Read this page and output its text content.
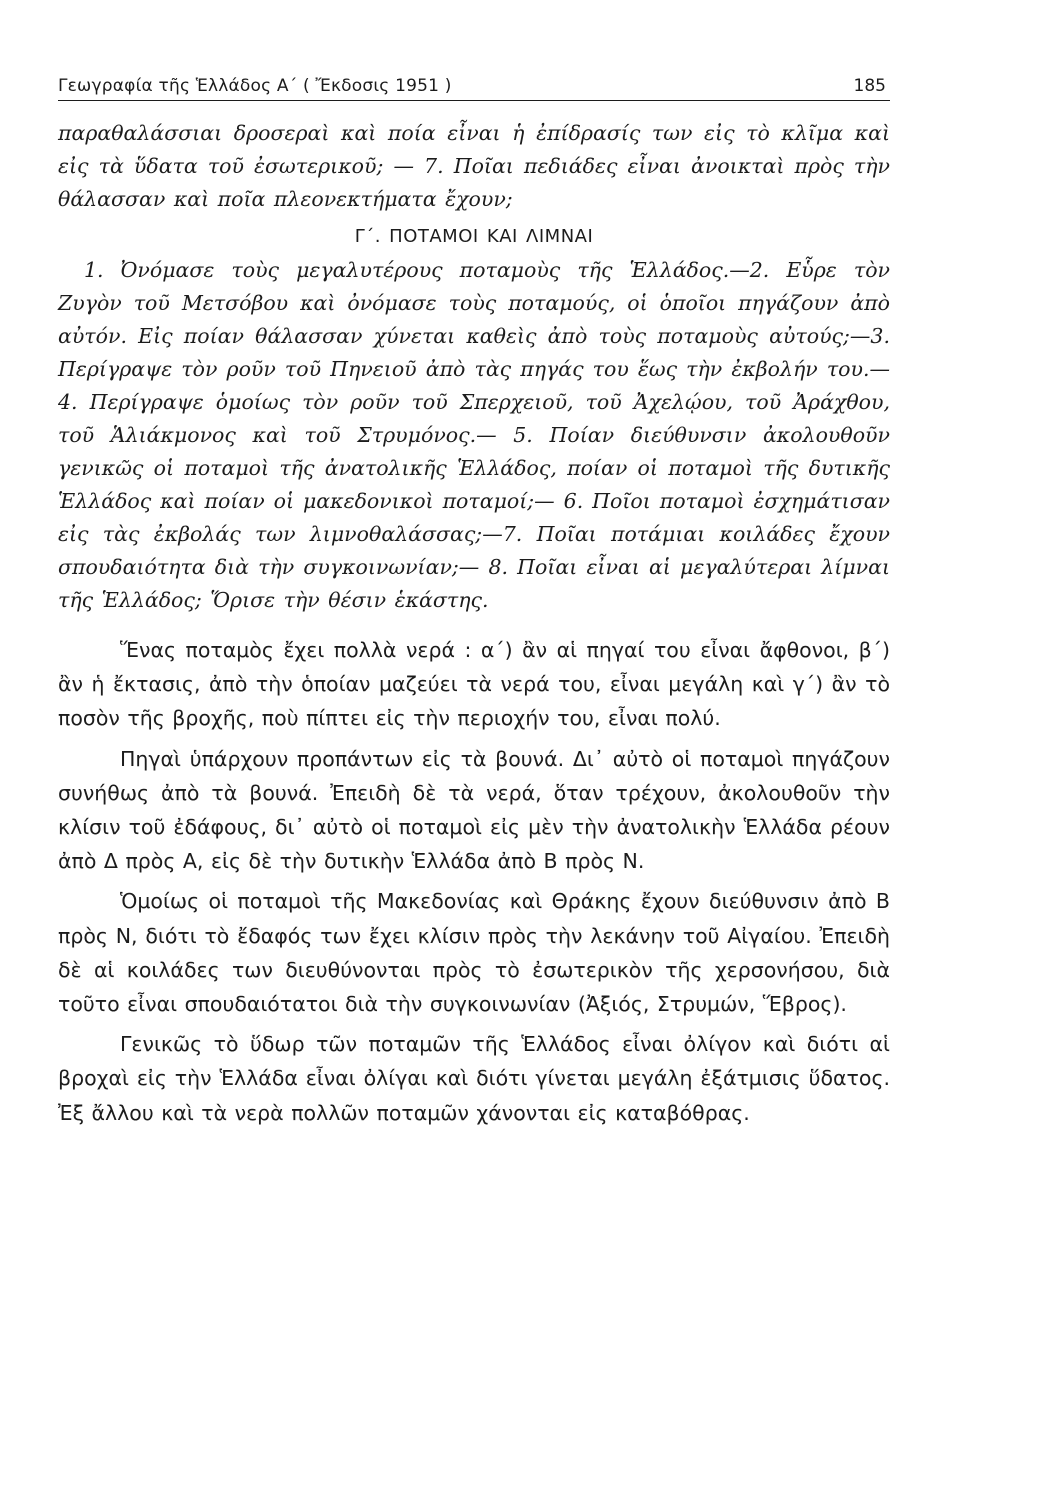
Γεωγραφία τῆς Ἑλλάδος Α΄ ( Ἔκδοσις 1951 )	185

παραθαλάσσιαι δροσεραὶ καὶ ποία εἶναι ἡ ἐπίδρασίς των εἰς τὸ κλῖμα καὶ εἰς τὰ ὕδατα τοῦ ἐσωτερικοῦ; — 7. Ποῖαι πεδιάδες εἶναι ἀνοικταὶ πρὸς τὴν θάλασσαν καὶ ποῖα πλεονεκτήματα ἔχουν;

Γ΄. ΠΟΤΑΜΟΙ ΚΑΙ ΛΙΜΝΑΙ

1. Ὀνόμασε τοὺς μεγαλυτέρους ποταμοὺς τῆς Ἑλλάδος.—2. Εὗρε τὸν Ζυγὸν τοῦ Μετσόβου καὶ ὀνόμασε τοὺς ποταμούς, οἱ ὁποῖοι πηγάζουν ἀπὸ αὐτόν. Εἰς ποίαν θάλασσαν χύνεται καθεὶς ἀπὸ τοὺς ποταμοὺς αὐτούς;—3. Περίγραψε τὸν ροῦν τοῦ Πηνειοῦ ἀπὸ τὰς πηγάς του ἕως τὴν ἐκβολήν του.—4. Περίγραψε ὁμοίως τὸν ροῦν τοῦ Σπερχειοῦ, τοῦ Ἀχελῴου, τοῦ Ἀράχθου, τοῦ Ἁλιάκμονος καὶ τοῦ Στρυμόνος.— 5. Ποίαν διεύθυνσιν ἀκολουθοῦν γενικῶς οἱ ποταμοὶ τῆς ἀνατολικῆς Ἑλλάδος, ποίαν οἱ ποταμοὶ τῆς δυτικῆς Ἑλλάδος καὶ ποίαν οἱ μακεδονικοὶ ποταμοί;— 6. Ποῖοι ποταμοὶ ἐσχημάτισαν εἰς τὰς ἐκβολάς των λιμνοθαλάσσας;—7. Ποῖαι ποτάμιαι κοιλάδες ἔχουν σπουδαιότητα διὰ τὴν συγκοινωνίαν;— 8. Ποῖαι εἶναι αἱ μεγαλύτεραι λίμναι τῆς Ἑλλάδος; Ὅρισε τὴν θέσιν ἑκάστης.

Ἕνας ποταμὸς ἔχει πολλὰ νερά : α΄) ἂν αἱ πηγαί του εἶναι ἄφθονοι, β΄) ἂν ἡ ἔκτασις, ἀπὸ τὴν ὁποίαν μαζεύει τὰ νερά του, εἶναι μεγάλη καὶ γ΄) ἂν τὸ ποσὸν τῆς βροχῆς, ποὺ πίπτει εἰς τὴν περιοχήν του, εἶναι πολύ.

Πηγαὶ ὑπάρχουν προπάντων εἰς τὰ βουνά. Δι᾽ αὐτὸ οἱ ποταμοὶ πηγάζουν συνήθως ἀπὸ τὰ βουνά. Ἐπειδὴ δὲ τὰ νερά, ὅταν τρέχουν, ἀκολουθοῦν τὴν κλίσιν τοῦ ἐδάφους, δι᾽ αὐτὸ οἱ ποταμοὶ εἰς μὲν τὴν ἀνατολικὴν Ἑλλάδα ρέουν ἀπὸ Δ πρὸς Α, εἰς δὲ τὴν δυτικὴν Ἑλλάδα ἀπὸ Β πρὸς Ν.

Ὁμοίως οἱ ποταμοὶ τῆς Μακεδονίας καὶ Θράκης ἔχουν διεύθυνσιν ἀπὸ Β πρὸς Ν, διότι τὸ ἔδαφός των ἔχει κλίσιν πρὸς τὴν λεκάνην τοῦ Αἰγαίου. Ἐπειδὴ δὲ αἱ κοιλάδες των διευθύνονται πρὸς τὸ ἐσωτερικὸν τῆς χερσονήσου, διὰ τοῦτο εἶναι σπουδαιότατοι διὰ τὴν συγκοινωνίαν (Ἀξιός, Στρυμών, Ἕβρος).

Γενικῶς τὸ ὕδωρ τῶν ποταμῶν τῆς Ἑλλάδος εἶναι ὀλίγον καὶ διότι αἱ βροχαὶ εἰς τὴν Ἑλλάδα εἶναι ὀλίγαι καὶ διότι γίνεται μεγάλη ἐξάτμισις ὕδατος. Ἐξ ἄλλου καὶ τὰ νερὰ πολλῶν ποταμῶν χάνονται εἰς καταβόθρας.
